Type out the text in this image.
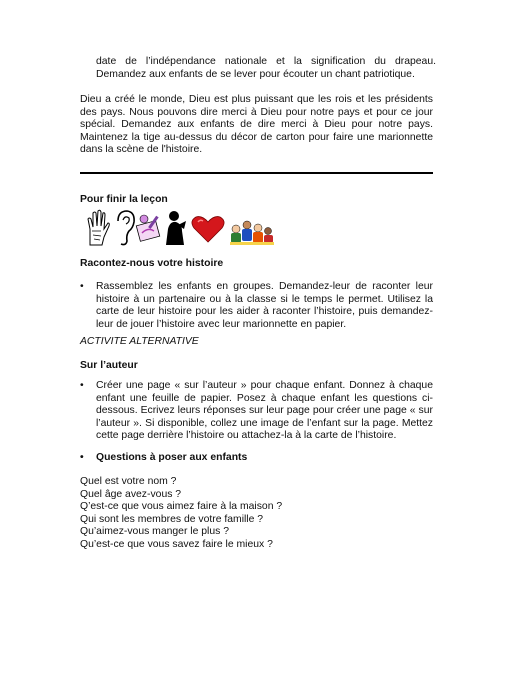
date de l’indépendance nationale et la signification du drapeau. Demandez aux enfants de se lever pour écouter un chant patriotique.
Dieu a créé le monde, Dieu est plus puissant que les rois et les présidents des pays. Nous pouvons dire merci à Dieu pour notre pays et pour ce jour spécial. Demandez aux enfants de dire merci à Dieu pour notre pays. Maintenez la tige au-dessus du décor de carton pour faire une marionnette dans la scène de l'histoire.
Pour finir la leçon
Racontez-nous votre histoire
•	Rassemblez les enfants en groupes. Demandez-leur de raconter leur histoire à un partenaire ou à la classe si le temps le permet. Utilisez la carte de leur histoire pour les aider à raconter l’histoire, puis demandez-leur de jouer l’histoire avec leur marionnette en papier.
ACTIVITE ALTERNATIVE
Sur l’auteur
•	Créer une page « sur l’auteur » pour chaque enfant. Donnez à chaque enfant une feuille de papier. Posez à chaque enfant les questions ci-dessous. Ecrivez leurs réponses sur leur page pour créer une page « sur l’auteur ». Si disponible, collez une image de l’enfant sur la page. Mettez cette page derrière l’histoire ou attachez-la à la carte de l’histoire.
•	Questions à poser aux enfants
Quel est votre nom ?
Quel âge avez-vous ?
Q’est-ce que vous aimez faire à la maison ?
Qui sont les membres de votre famille ?
Qu’aimez-vous manger le plus ?
Qu’est-ce que vous savez faire le mieux ?
